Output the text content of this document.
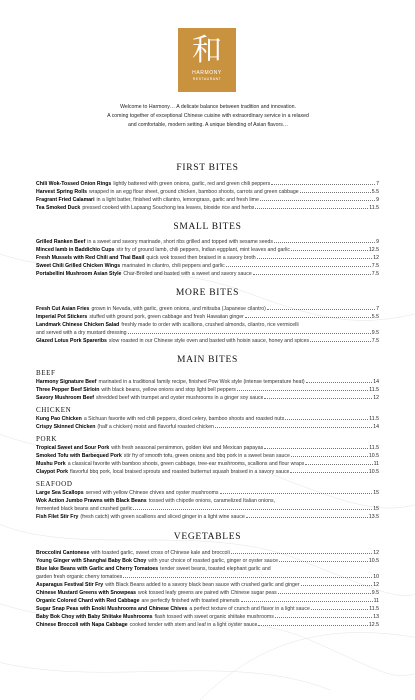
和
HARMONY
RESTAURANT
Welcome to Harmony… A delicate balance between tradition and innovation.
A coming together of exceptional Chinese cuisine with extraordinary service in a relaxed
and comfortable, modern setting. A unique blending of Asian flavors…
FIRST BITES
Chili Wok-Tossed Onion Rings lightly battered with green onions, garlic, red and green chili peppers	7
Harvest Spring Rolls wrapped in an egg flour sheet, ground chicken, bamboo shoots, carrots and green cabbage	5.5
Fragrant Fried Calamari in a light batter, finished with cilantro, lemongrass, garlic and fresh lime	9
Tea Smoked Duck pressed cooked with Lapsang Souchong tea leaves, bioxide rice and herbs	11.5
SMALL BITES
Grilled Ranken Beef in a sweet and savory marinade, short ribs grilled and topped with sesame seeds	9
Minced lamb in Baddichio Cups stir fry of ground lamb, chili peppers, Indian eggplant, mint leaves and garlic	12.5
Fresh Mussels with Red Chili and Thai Basil quick wok tossed then braised in a savory broth	12
Sweet Chili Grilled Chicken Wings marinated in cilantro, chili peppers and garlic	7.5
Portabellini Mushroom Asian Style Char-Broiled and basted with a sweet and savory sauce	7.5
MORE BITES
Fresh Cut Asian Fries grown in Nevada, with garlic, green onions, and mitsuba (Japanese cilantro)	7
Imperial Pot Stickers stuffed with ground pork, green cabbage and fresh Hawaiian ginger	5.5
Landmark Chinese Chicken Salad freshly made to order with scallions, crushed almonds, cilantro, rice vermicelli
and served with a dry mustard dressing	9.5
Glazed Lotus Pork Spareribs slow roasted in our Chinese style oven and basted with hoisin sauce, honey and spices	7.5
MAIN BITES
BEEF
Harmony Signature Beef marinated in a traditional family recipe, finished Pow Wok style (intense temperature heat)	14
Three Pepper Beef Sirloin with black beans, yellow onions and stop light bell peppers	11.5
Savory Mushroom Beef shredded beef with trumpet and oyster mushrooms in a ginger soy sauce	12
CHICKEN
Kung Pao Chicken a Sichuan favorite with red chili peppers, diced celery, bamboo shoots and roasted nuts	11.5
Crispy Skinned Chicken (half a chicken) moist and flavorful roasted chicken	14
PORK
Tropical Sweet and Sour Pork with fresh seasonal persimmon, golden kiwi and Mexican papayas	11.5
Smoked Tofu with Barbequed Pork stir fry of smooth tofu, green onions and bbq pork in a sweet bean sauce	10.5
Mushu Pork a classical favorite with bamboo shoots, green cabbage, tree-ear mushrooms, scallions and flour wraps	11
Claypot Pork flavorful bbq pork, local braised sprouts and roasted butternut squash braised in a savory sauce	10.5
SEAFOOD
Large Sea Scallops served with yellow Chinese chives and oyster mushrooms	15
Wok Action Jumbo Prawns with Black Beans tossed with chipotle onions, caramelized Italian onions,
fermented black beans and crushed garlic	15
Fish Filet Stir Fry (fresh catch) with green scallions and sliced ginger in a light wine sauce	13.5
VEGETABLES
Broccolini Cantonese with toasted garlic, sweet cross of Chinese kale and broccoli	12
Young Ginger with Shanghai Baby Bok Choy with your choice of roasted garlic, ginger or oyster sauce	10.5
Blue lake Beans with Garlic and Cherry Tomatoes tender sweet beans, toasted elephant garlic and
garden fresh organic cherry tomatoes	10
Asparagus Festival Stir Fry with Black Beans added to a savory black bean sauce with crushed garlic and ginger	12
Chinese Mustard Greens with Snowpeas wok tossed leafy greens are paired with Chinese sugar peas	9.5
Organic Colored Chard with Red Cabbage are perfectly finished with toasted pinenuts	11
Sugar Snap Peas with Enoki Mushrooms and Chinese Chives a perfect texture of crunch and flavor in a light sauce	11.5
Baby Bok Choy with Baby Shiitake Mushrooms flash tossed with sweet organic shiitake mushrooms	13
Chinese Broccoli with Napa Cabbage cooked tender with stem and leaf in a light oyster sauce	12.5
